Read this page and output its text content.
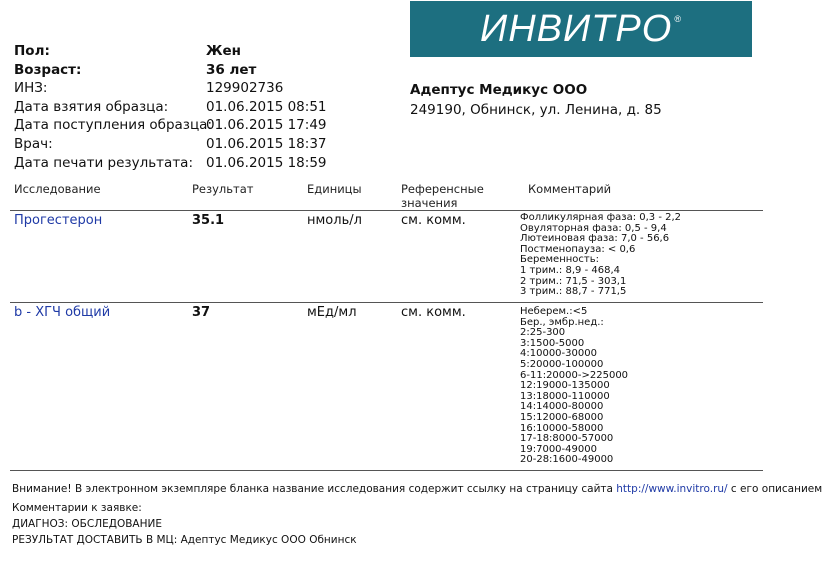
ИНВИТРО®
Пол:	Жен
Возраст:	36 лет
ИНЗ:	129902736
Дата взятия образца:	01.06.2015 08:51
Дата поступления образца:
01.06.2015 17:49
Врач:	01.06.2015 18:37
Дата печати результата: 01.06.2015 18:59
Адептус Медикус ООО
249190, Обнинск, ул. Ленина, д. 85
Исследование	Результат	Единицы	Референсные
значения
Комментарий
Прогестерон	35.1	нмоль/л	см. комм.	Фолликулярная фаза: 0,3 - 2,2
Овуляторная фаза: 0,5 - 9,4
Лютеиновая фаза: 7,0 - 56,6
Постменопауза: < 0,6
Беременность:
1 трим.: 8,9 - 468,4
2 трим.: 71,5 - 303,1
3 трим.: 88,7 - 771,5
b - ХГЧ общий	37	мЕд/мл	см. комм.	Неберем.:<5
Бер., эмбр.нед.:
2:25-300
3:1500-5000
4:10000-30000
5:20000-100000
6-11:20000->225000
12:19000-135000
13:18000-110000
14:14000-80000
15:12000-68000
16:10000-58000
17-18:8000-57000
19:7000-49000
20-28:1600-49000
Внимание! В электронном экземпляре бланка название исследования содержит ссылку на страницу сайта http://www.invitro.ru/ с его описанием
Комментарии к заявке:
ДИАГНОЗ: ОБСЛЕДОВАНИЕ
РЕЗУЛЬТАТ ДОСТАВИТЬ В МЦ: Адептус Медикус ООО Обнинск
